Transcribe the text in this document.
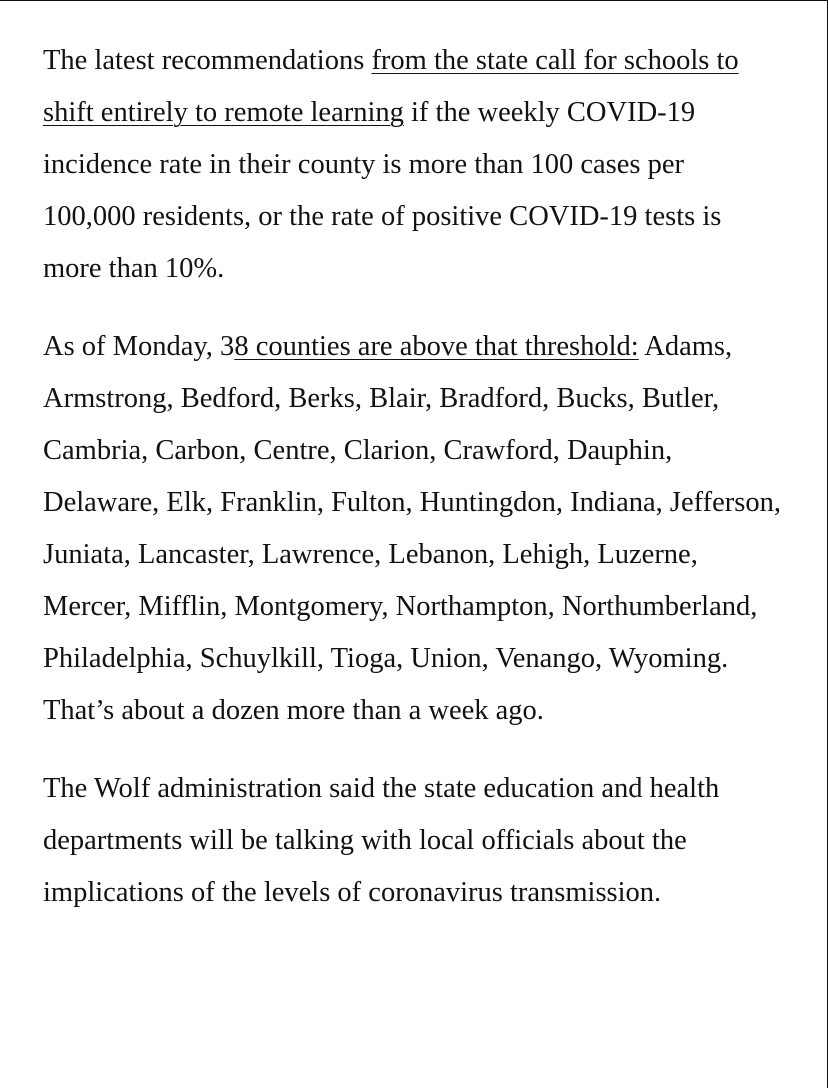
The latest recommendations from the state call for schools to shift entirely to remote learning if the weekly COVID-19 incidence rate in their county is more than 100 cases per 100,000 residents, or the rate of positive COVID-19 tests is more than 10%.

As of Monday, 38 counties are above that threshold: Adams, Armstrong, Bedford, Berks, Blair, Bradford, Bucks, Butler, Cambria, Carbon, Centre, Clarion, Crawford, Dauphin, Delaware, Elk, Franklin, Fulton, Huntingdon, Indiana, Jefferson, Juniata, Lancaster, Lawrence, Lebanon, Lehigh, Luzerne, Mercer, Mifflin, Montgomery, Northampton, Northumberland, Philadelphia, Schuylkill, Tioga, Union, Venango, Wyoming. That’s about a dozen more than a week ago.

The Wolf administration said the state education and health departments will be talking with local officials about the implications of the levels of coronavirus transmission.
